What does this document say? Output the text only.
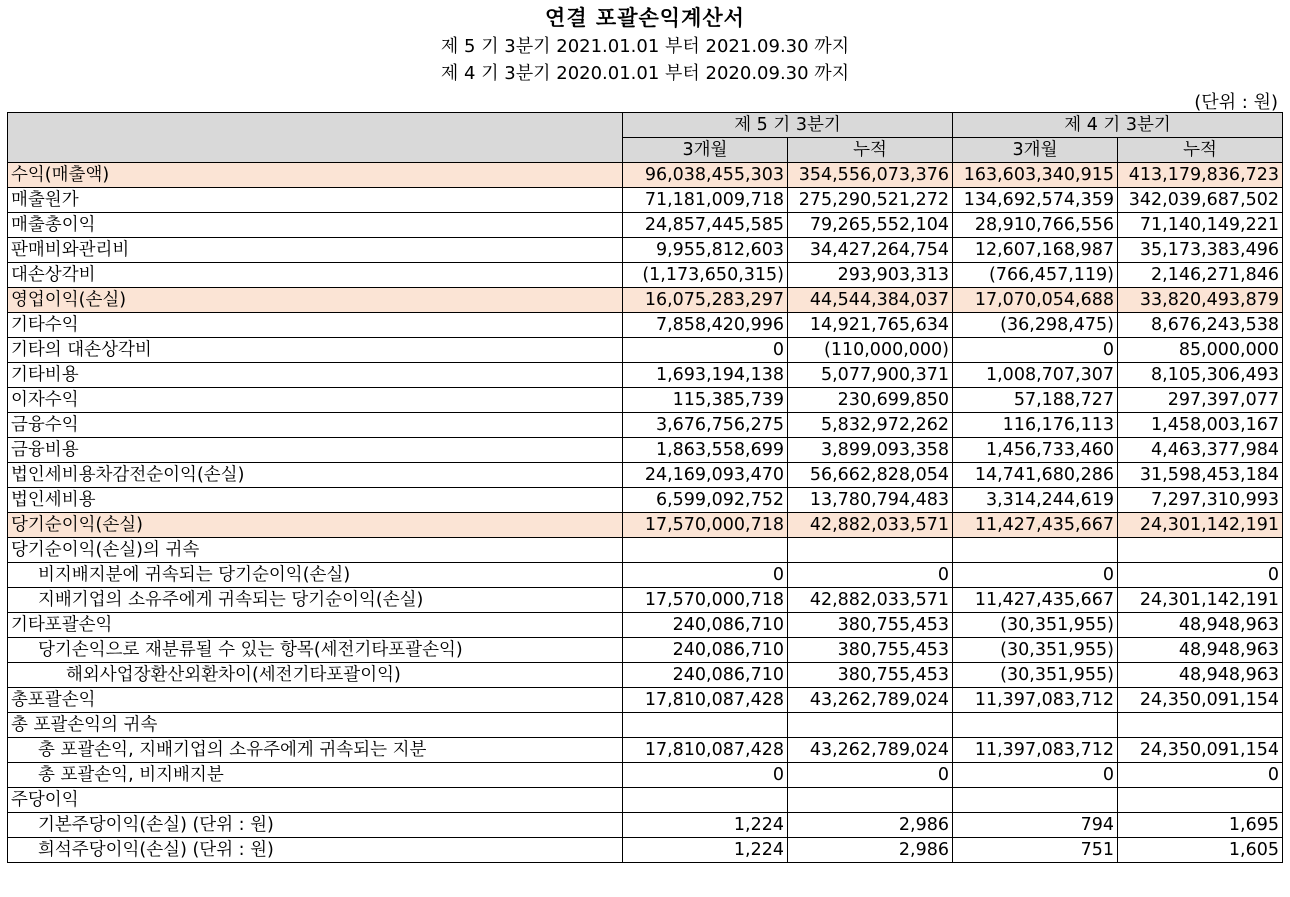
연결 포괄손익계산서
제 5 기 3분기 2021.01.01 부터 2021.09.30 까지
제 4 기 3분기 2020.01.01 부터 2020.09.30 까지
(단위 : 원)
	제 5 기 3분기		제 4 기 3분기	
	3개월	누적	3개월	누적
수익(매출액)	96,038,455,303	354,556,073,376	163,603,340,915	413,179,836,723
매출원가	71,181,009,718	275,290,521,272	134,692,574,359	342,039,687,502
매출총이익	24,857,445,585	79,265,552,104	28,910,766,556	71,140,149,221
판매비와관리비	9,955,812,603	34,427,264,754	12,607,168,987	35,173,383,496
대손상각비	(1,173,650,315)	293,903,313	(766,457,119)	2,146,271,846
영업이익(손실)	16,075,283,297	44,544,384,037	17,070,054,688	33,820,493,879
기타수익	7,858,420,996	14,921,765,634	(36,298,475)	8,676,243,538
기타의 대손상각비	0	(110,000,000)	0	85,000,000
기타비용	1,693,194,138	5,077,900,371	1,008,707,307	8,105,306,493
이자수익	115,385,739	230,699,850	57,188,727	297,397,077
금융수익	3,676,756,275	5,832,972,262	116,176,113	1,458,003,167
금융비용	1,863,558,699	3,899,093,358	1,456,733,460	4,463,377,984
법인세비용차감전순이익(손실)	24,169,093,470	56,662,828,054	14,741,680,286	31,598,453,184
법인세비용	6,599,092,752	13,780,794,483	3,314,244,619	7,297,310,993
당기순이익(손실)	17,570,000,718	42,882,033,571	11,427,435,667	24,301,142,191
당기순이익(손실)의 귀속				
비지배지분에 귀속되는 당기순이익(손실)	0	0	0	0
지배기업의 소유주에게 귀속되는 당기순이익(손실)	17,570,000,718	42,882,033,571	11,427,435,667	24,301,142,191
기타포괄손익	240,086,710	380,755,453	(30,351,955)	48,948,963
당기손익으로 재분류될 수 있는 항목(세전기타포괄손익)	240,086,710	380,755,453	(30,351,955)	48,948,963
해외사업장환산외환차이(세전기타포괄이익)	240,086,710	380,755,453	(30,351,955)	48,948,963
총포괄손익	17,810,087,428	43,262,789,024	11,397,083,712	24,350,091,154
총 포괄손익의 귀속				
총 포괄손익, 지배기업의 소유주에게 귀속되는 지분	17,810,087,428	43,262,789,024	11,397,083,712	24,350,091,154
총 포괄손익, 비지배지분	0	0	0	0
주당이익				
기본주당이익(손실) (단위 : 원)	1,224	2,986	794	1,695
희석주당이익(손실) (단위 : 원)	1,224	2,986	751	1,605
